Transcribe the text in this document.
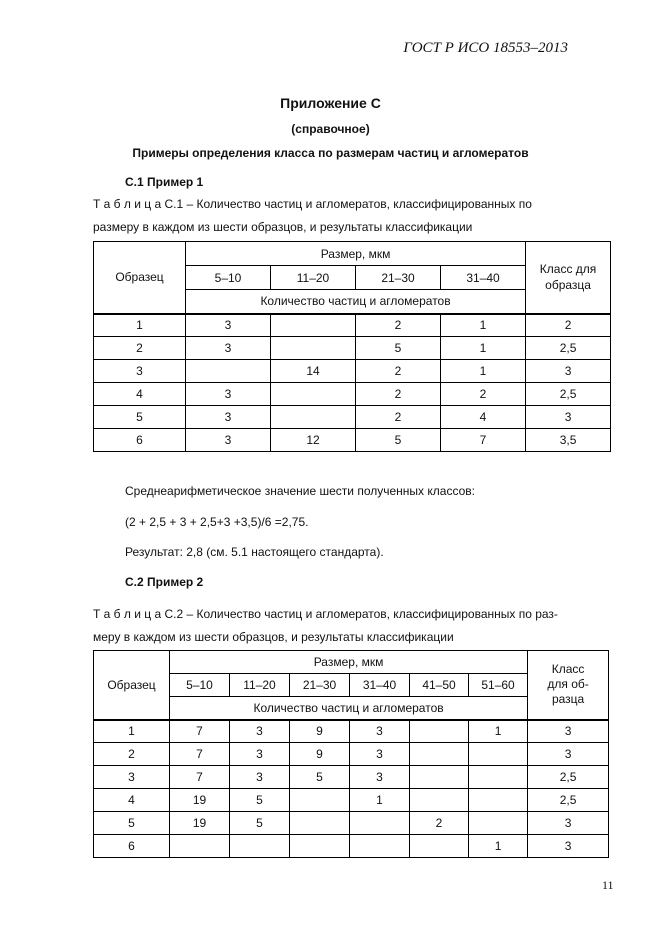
ГОСТ Р ИСО 18553–2013
Приложение С
(справочное)
Примеры определения класса по размерам частиц и агломератов
С.1 Пример 1
Т а б л и ц а С.1 – Количество частиц и агломератов, классифицированных по
размеру в каждом из шести образцов, и результаты классификации
Образец	Размер, мкм				Класс для образца
	5–10	11–20	21–30	31–40	
	Количество частиц и агломератов				
1	3		2	1	2
2	3		5	1	2,5
3		14	2	1	3
4	3		2	2	2,5
5	3		2	4	3
6	3	12	5	7	3,5
Среднеарифметическое значение шести полученных классов:
(2 + 2,5 + 3 + 2,5+3 +3,5)/6 =2,75.
Результат: 2,8 (см. 5.1 настоящего стандарта).
С.2 Пример 2
Т а б л и ц а С.2 – Количество частиц и агломератов, классифицированных по раз-
меру в каждом из шести образцов, и результаты классификации
Образец	Размер, мкм						Класс
для об-
разца

	5–10	11–20	21–30	31–40	41–50	51–60	
	Количество частиц и агломератов						
1	7	3	9	3		1	3
2	7	3	9	3			3
3	7	3	5	3			2,5
4	19	5		1			2,5
5	19	5			2		3
6						1	3
11
